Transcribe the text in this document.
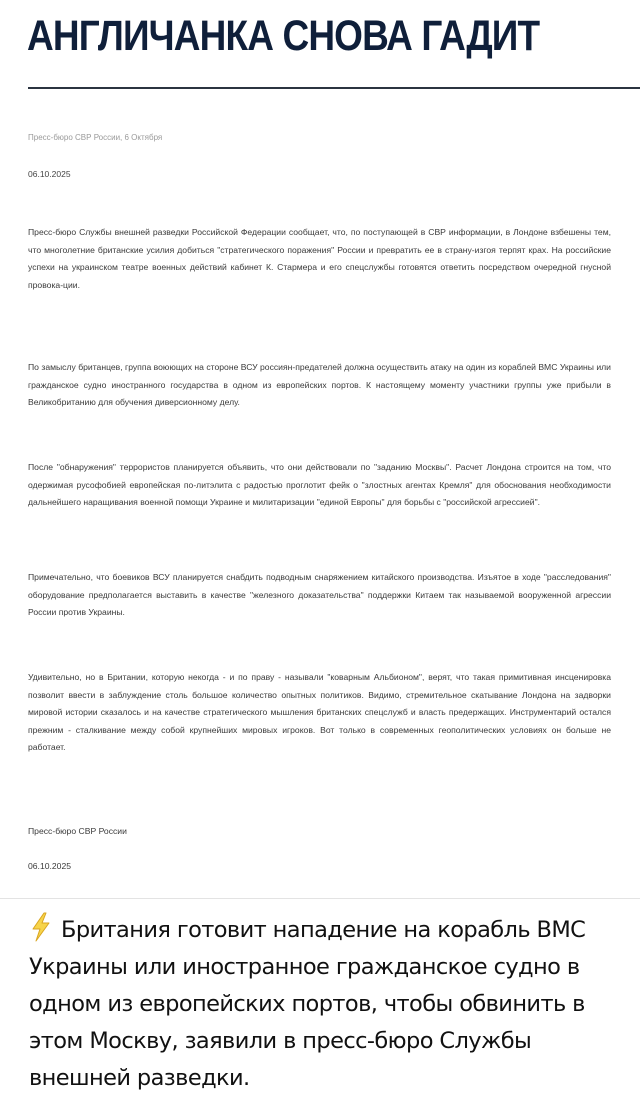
АНГЛИЧАНКА СНОВА ГАДИТ
Пресс-бюро СВР России, 6 Октября
06.10.2025

Пресс-бюро Службы внешней разведки Российской Федерации сообщает, что, по поступающей в СВР информации, в Лондоне взбешены тем, что многолетние британские усилия добиться "стратегического поражения" России и превратить ее в страну-изгоя терпят крах. На российские успехи на украинском театре военных действий кабинет К. Стармера и его спецслужбы готовятся ответить посредством очередной гнусной провока-ции.

По замыслу британцев, группа воюющих на стороне ВСУ россиян-предателей должна осуществить атаку на один из кораблей ВМС Украины или гражданское судно иностранного государства в одном из европейских портов. К настоящему моменту участники группы уже прибыли в Великобританию для обучения диверсионному делу.

После "обнаружения" террористов планируется объявить, что они действовали по "заданию Москвы". Расчет Лондона строится на том, что одержимая русофобией европейская по-литэлита с радостью проглотит фейк о "злостных агентах Кремля" для обоснования необходимости дальнейшего наращивания военной помощи Украине и милитаризации "единой Европы" для борьбы с "российской агрессией".

Примечательно, что боевиков ВСУ планируется снабдить подводным снаряжением китайского производства. Изъятое в ходе "расследования" оборудование предполагается выставить в качестве "железного доказательства" поддержки Китаем так называемой вооруженной агрессии России против Украины.

Удивительно, но в Британии, которую некогда - и по праву - называли "коварным Альбионом", верят, что такая примитивная инсценировка позволит ввести в заблуждение столь большое количество опытных политиков. Видимо, стремительное скатывание Лондона на задворки мировой истории сказалось и на качестве стратегического мышления британских спецслужб и власть предержащих. Инструментарий остался прежним - сталкивание между собой крупнейших мировых игроков. Вот только в современных геополитических условиях он больше не работает.

Пресс-бюро СВР России
06.10.2025
Британия готовит нападение на корабль ВМС Украины или иностранное гражданское судно в одном из европейских портов, чтобы обвинить в этом Москву, заявили в пресс-бюро Службы внешней разведки.
